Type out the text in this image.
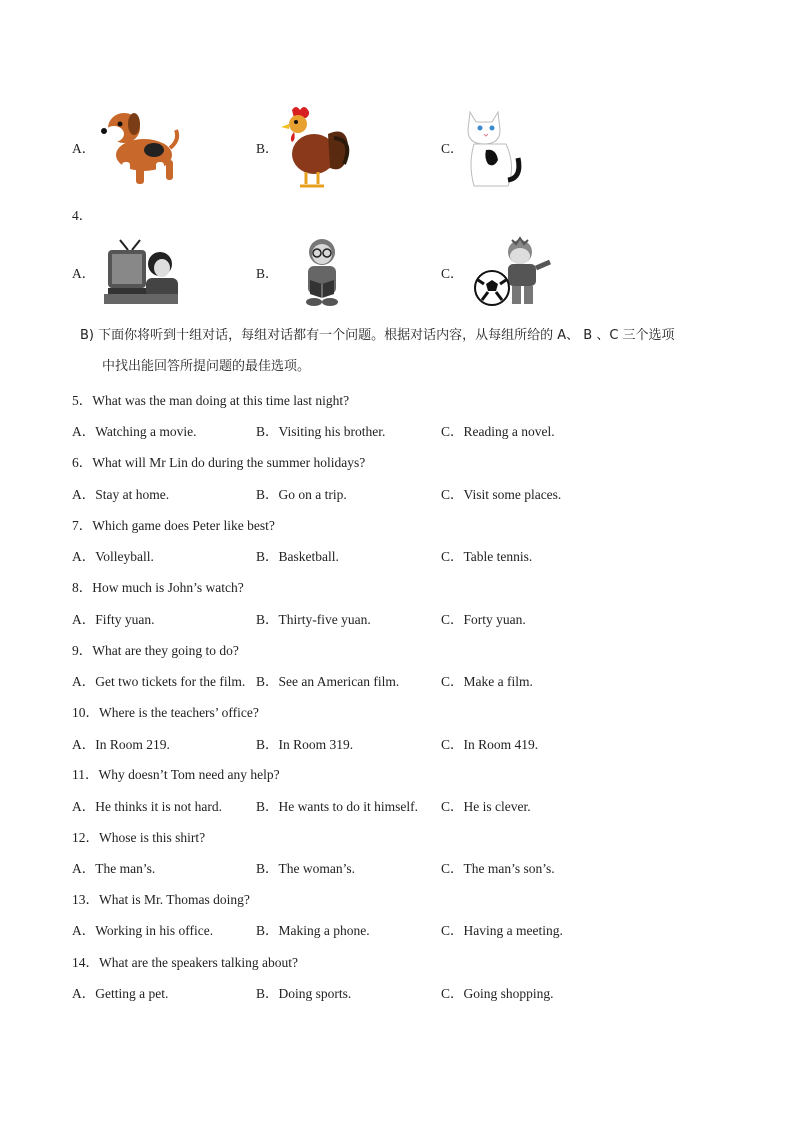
A．	B．	C．
4．
A．	B．	C．
B) 下面你将听到十组对话，每组对话都有一个问题。根据对话内容，从每组所给的 A、 B 、C 三个选项
中找出能回答所提问题的最佳选项。
5．What was the man doing at this time last night?
A．Watching a movie.	B．Visiting his brother.	C．Reading a novel.
6．What will Mr Lin do during the summer holidays?
A．Stay at home.	B．Go on a trip.	C．Visit some places.
7．Which game does Peter like best?
A．Volleyball.	B．Basketball.	C．Table tennis.
8．How much is John’s watch?
A．Fifty yuan.	B．Thirty-five yuan.	C．Forty yuan.
9．What are they going to do?
A．Get two tickets for the film. B．See an American film.	C．Make a film.
10．Where is the teachers’ office?
A．In Room 219.	B．In Room 319.	C．In Room 419.
11．Why doesn’t Tom need any help?
A．He thinks it is not hard.	B．He wants to do it himself. C．He is clever.
12．Whose is this shirt?
A．The man’s.	B．The woman’s.	C．The man’s son’s.
13．What is Mr. Thomas doing?
A．Working in his office.	B．Making a phone.	C．Having a meeting.
14．What are the speakers talking about?
A．Getting a pet.	B．Doing sports.	C．Going shopping.
